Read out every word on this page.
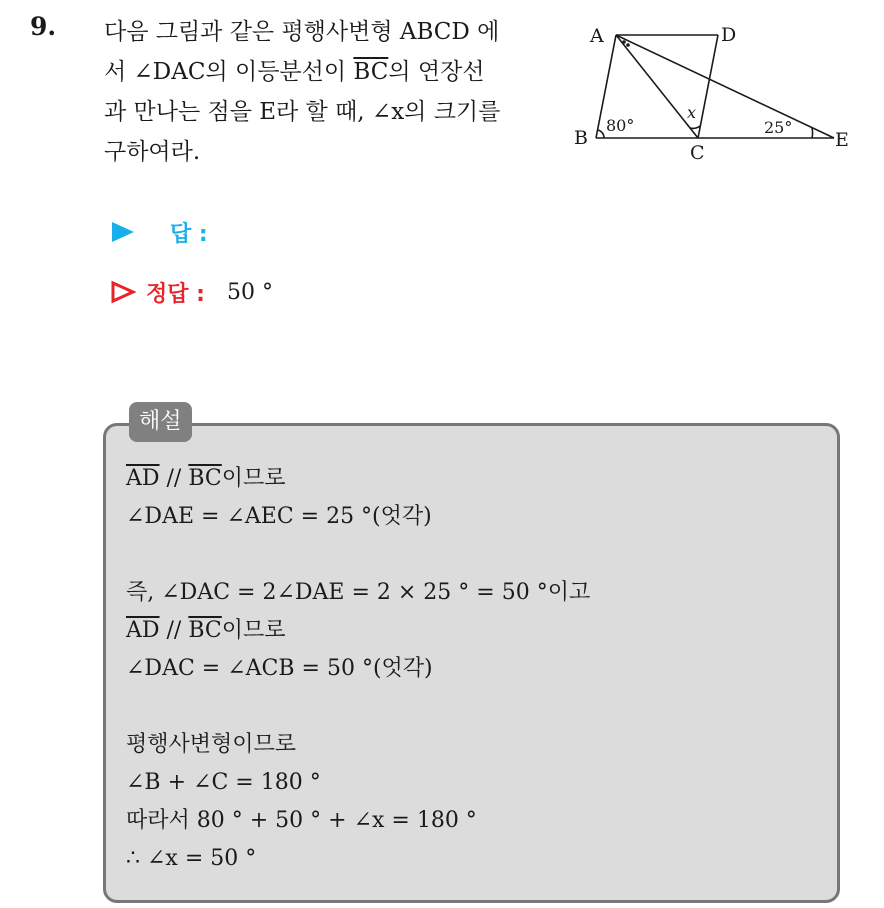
9. 다음 그림과 같은 평행사변형 ABCD 에
서 ∠DAC의 이등분선이 $\overline{BC}$의 연장선
과 만나는 점을 E라 할 때, ∠x의 크기를
구하여라.
A	D
B
C
E
80°	25°
x
답 :
정답 : 50 °
해설
$\overline{AD} // \overline{BC}$이므로
∠DAE = ∠AEC = 25 °(엇각)
즉, ∠DAC = 2∠DAE = 2 × 25 ° = 50 °이고
$\overline{AD} // \overline{BC}$이므로
∠DAC = ∠ACB = 50 °(엇각)
평행사변형이므로
∠B + ∠C = 180 °
따라서 80 ° + 50 ° + ∠x = 180 °
∴ ∠x = 50 °
